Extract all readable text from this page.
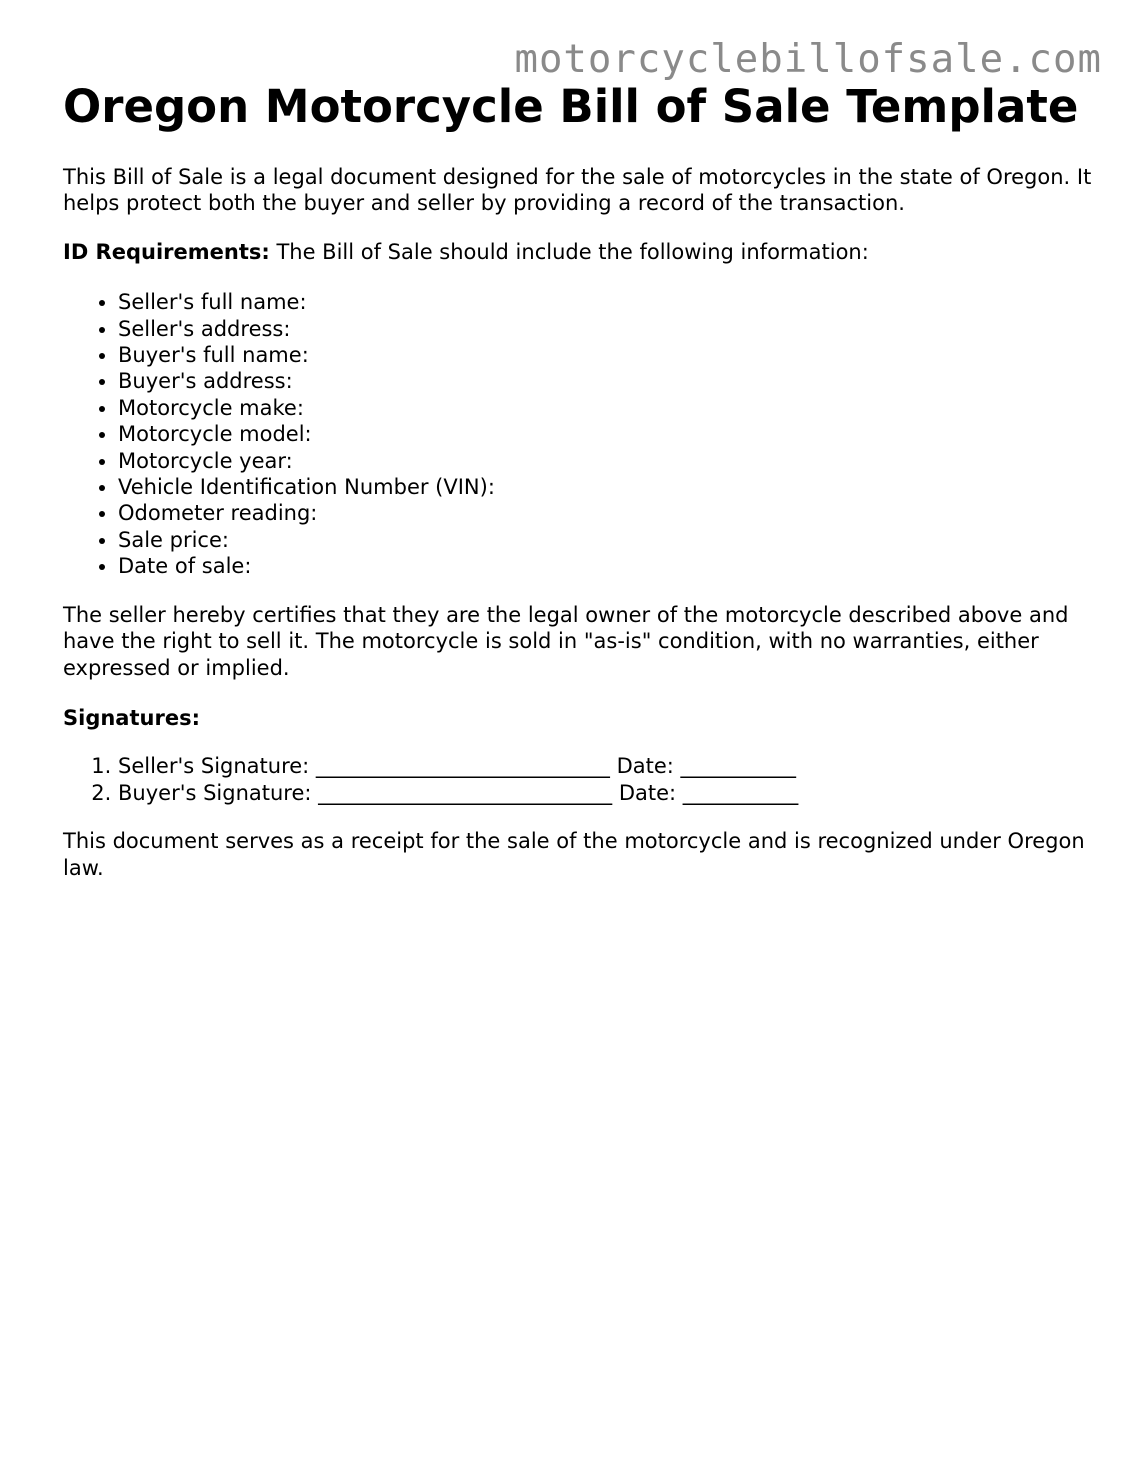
motorcyclebillofsale.com
Oregon Motorcycle Bill of Sale Template

This Bill of Sale is a legal document designed for the sale of motorcycles in the state of Oregon. It helps protect both the buyer and seller by providing a record of the transaction.

ID Requirements: The Bill of Sale should include the following information:

• Seller's full name:
• Seller's address:
• Buyer's full name:
• Buyer's address:
• Motorcycle make:
• Motorcycle model:
• Motorcycle year:
• Vehicle Identification Number (VIN):
• Odometer reading:
• Sale price:
• Date of sale:

The seller hereby certifies that they are the legal owner of the motorcycle described above and have the right to sell it. The motorcycle is sold in "as-is" condition, with no warranties, either expressed or implied.

Signatures:

1. Seller's Signature: ____________________________ Date: ___________
2. Buyer's Signature: ____________________________ Date: ___________

This document serves as a receipt for the sale of the motorcycle and is recognized under Oregon law.
